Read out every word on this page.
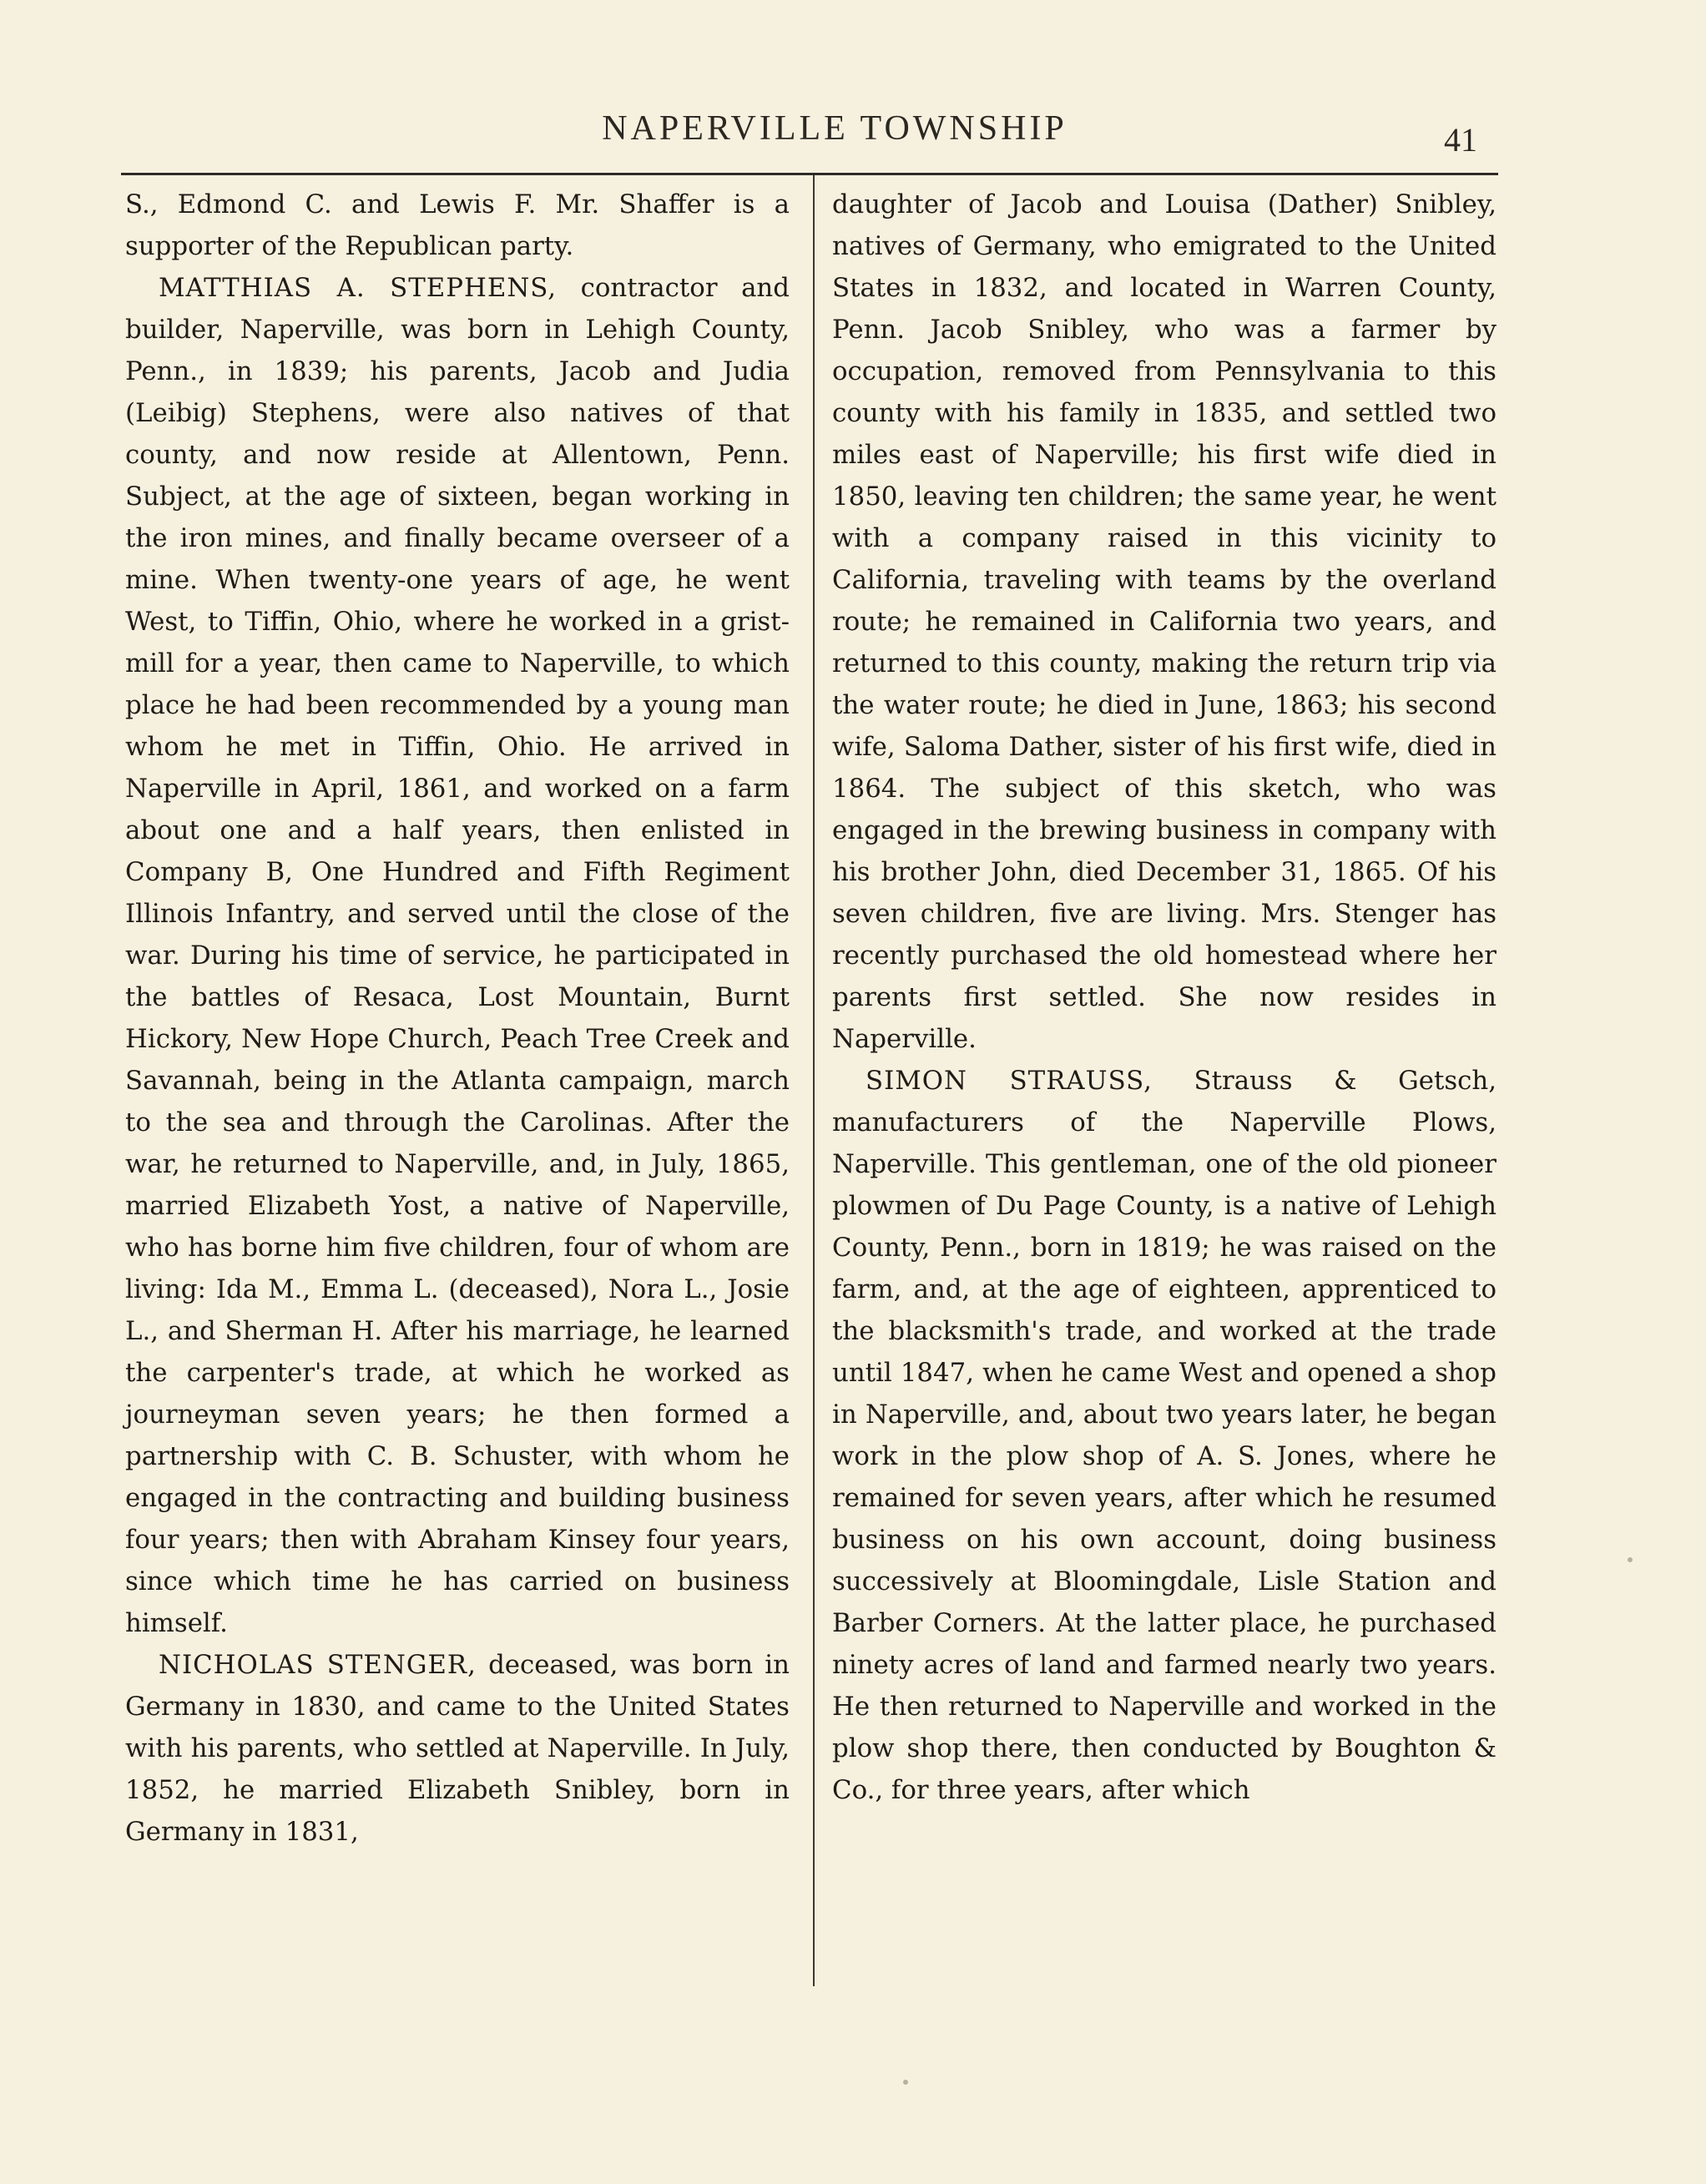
NAPERVILLE TOWNSHIP	41

S., Edmond C. and Lewis F. Mr. Shaffer is a supporter of the Republican party.

MATTHIAS A. STEPHENS, contractor and builder, Naperville, was born in Lehigh County, Penn., in 1839; his parents, Jacob and Judia (Leibig) Stephens, were also natives of that county, and now reside at Allentown, Penn. Subject, at the age of sixteen, began working in the iron mines, and finally became overseer of a mine. When twenty-one years of age, he went West, to Tiffin, Ohio, where he worked in a grist-mill for a year, then came to Naperville, to which place he had been recommended by a young man whom he met in Tiffin, Ohio. He arrived in Naperville in April, 1861, and worked on a farm about one and a half years, then enlisted in Company B, One Hundred and Fifth Regiment Illinois Infantry, and served until the close of the war. During his time of service, he participated in the battles of Resaca, Lost Mountain, Burnt Hickory, New Hope Church, Peach Tree Creek and Savannah, being in the Atlanta campaign, march to the sea and through the Carolinas. After the war, he returned to Naperville, and, in July, 1865, married Elizabeth Yost, a native of Naperville, who has borne him five children, four of whom are living: Ida M., Emma L. (deceased), Nora L., Josie L., and Sherman H. After his marriage, he learned the carpenter's trade, at which he worked as journeyman seven years; he then formed a partnership with C. B. Schuster, with whom he engaged in the contracting and building business four years; then with Abraham Kinsey four years, since which time he has carried on business himself.

NICHOLAS STENGER, deceased, was born in Germany in 1830, and came to the United States with his parents, who settled at Naperville. In July, 1852, he married Elizabeth Snibley, born in Germany in 1831,

daughter of Jacob and Louisa (Dather) Snibley, natives of Germany, who emigrated to the United States in 1832, and located in Warren County, Penn. Jacob Snibley, who was a farmer by occupation, removed from Pennsylvania to this county with his family in 1835, and settled two miles east of Naperville; his first wife died in 1850, leaving ten children; the same year, he went with a company raised in this vicinity to California, traveling with teams by the overland route; he remained in California two years, and returned to this county, making the return trip via the water route; he died in June, 1863; his second wife, Saloma Dather, sister of his first wife, died in 1864. The subject of this sketch, who was engaged in the brewing business in company with his brother John, died December 31, 1865. Of his seven children, five are living. Mrs. Stenger has recently purchased the old homestead where her parents first settled. She now resides in Naperville.

SIMON STRAUSS, Strauss & Getsch, manufacturers of the Naperville Plows, Naperville. This gentleman, one of the old pioneer plowmen of Du Page County, is a native of Lehigh County, Penn., born in 1819; he was raised on the farm, and, at the age of eighteen, apprenticed to the blacksmith's trade, and worked at the trade until 1847, when he came West and opened a shop in Naperville, and, about two years later, he began work in the plow shop of A. S. Jones, where he remained for seven years, after which he resumed business on his own account, doing business successively at Bloomingdale, Lisle Station and Barber Corners. At the latter place, he purchased ninety acres of land and farmed nearly two years. He then returned to Naperville and worked in the plow shop there, then conducted by Boughton & Co., for three years, after which
